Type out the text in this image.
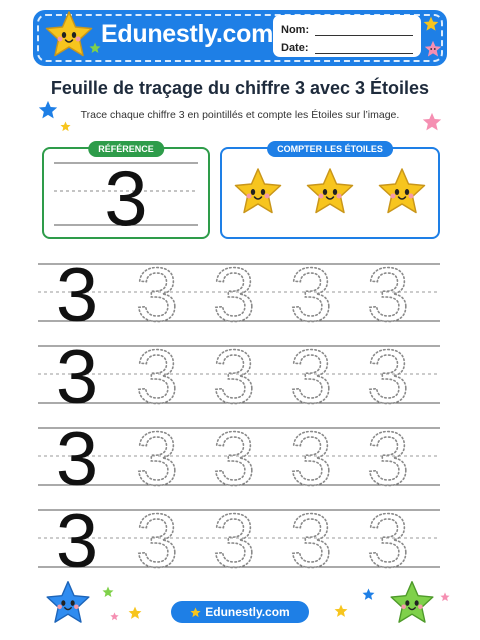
Edunestly.com Nom:
Date:
Feuille de traçage du chiffre 3 avec 3 Étoiles
Trace chaque chiffre 3 en pointillés et compte les Étoiles sur l’image.
RÉFÉRENCE
3
COMPTER LES ÉTOILES
3 3 3 3 3
3 3 3 3 3
3 3 3 3 3
3 3 3 3 3
Edunestly.com
